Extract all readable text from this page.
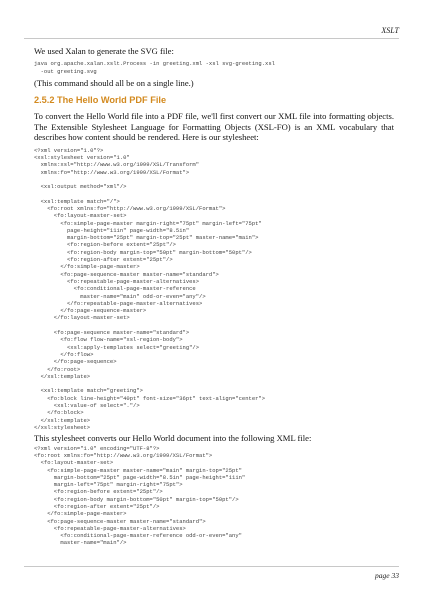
XSLT

We used Xalan to generate the SVG file:

java org.apache.xalan.xslt.Process -in greeting.xml -xsl svg-greeting.xsl
-out greeting.svg

(This command should all be on a single line.)

2.5.2 The Hello World PDF File

To convert the Hello World file into a PDF file, we'll first convert our XML file into formatting objects. The Extensible Stylesheet Language for Formatting Objects (XSL-FO) is an XML vocabulary that describes how content should be rendered. Here is our stylesheet:

<?xml version="1.0"?>
<xsl:stylesheet version="1.0"
xmlns:xsl="http://www.w3.org/1999/XSL/Transform"
xmlns:fo="http://www.w3.org/1999/XSL/Format">

<xsl:output method="xml"/>

<xsl:template match="/">
<fo:root xmlns:fo="http://www.w3.org/1999/XSL/Format">
<fo:layout-master-set>
<fo:simple-page-master margin-right="75pt" margin-left="75pt"
page-height="11in" page-width="8.5in"
margin-bottom="25pt" margin-top="25pt" master-name="main">
<fo:region-before extent="25pt"/>
<fo:region-body margin-top="50pt" margin-bottom="50pt"/>
<fo:region-after extent="25pt"/>
</fo:simple-page-master>
<fo:page-sequence-master master-name="standard">
<fo:repeatable-page-master-alternatives>
<fo:conditional-page-master-reference
master-name="main" odd-or-even="any"/>
</fo:repeatable-page-master-alternatives>
</fo:page-sequence-master>
</fo:layout-master-set>

<fo:page-sequence master-name="standard">
<fo:flow flow-name="xsl-region-body">
<xsl:apply-templates select="greeting"/>
</fo:flow>
</fo:page-sequence>
</fo:root>
</xsl:template>

<xsl:template match="greeting">
<fo:block line-height="40pt" font-size="36pt" text-align="center">
<xsl:value-of select="."/>
</fo:block>
</xsl:template>
</xsl:stylesheet>

This stylesheet converts our Hello World document into the following XML file:

<?xml version="1.0" encoding="UTF-8"?>
<fo:root xmlns:fo="http://www.w3.org/1999/XSL/Format">
<fo:layout-master-set>
<fo:simple-page-master master-name="main" margin-top="25pt"
margin-bottom="25pt" page-width="8.5in" page-height="11in"
margin-left="75pt" margin-right="75pt">
<fo:region-before extent="25pt"/>
<fo:region-body margin-bottom="50pt" margin-top="50pt"/>
<fo:region-after extent="25pt"/>
</fo:simple-page-master>
<fo:page-sequence-master master-name="standard">
<fo:repeatable-page-master-alternatives>
<fo:conditional-page-master-reference odd-or-even="any"
master-name="main"/>
page 33
